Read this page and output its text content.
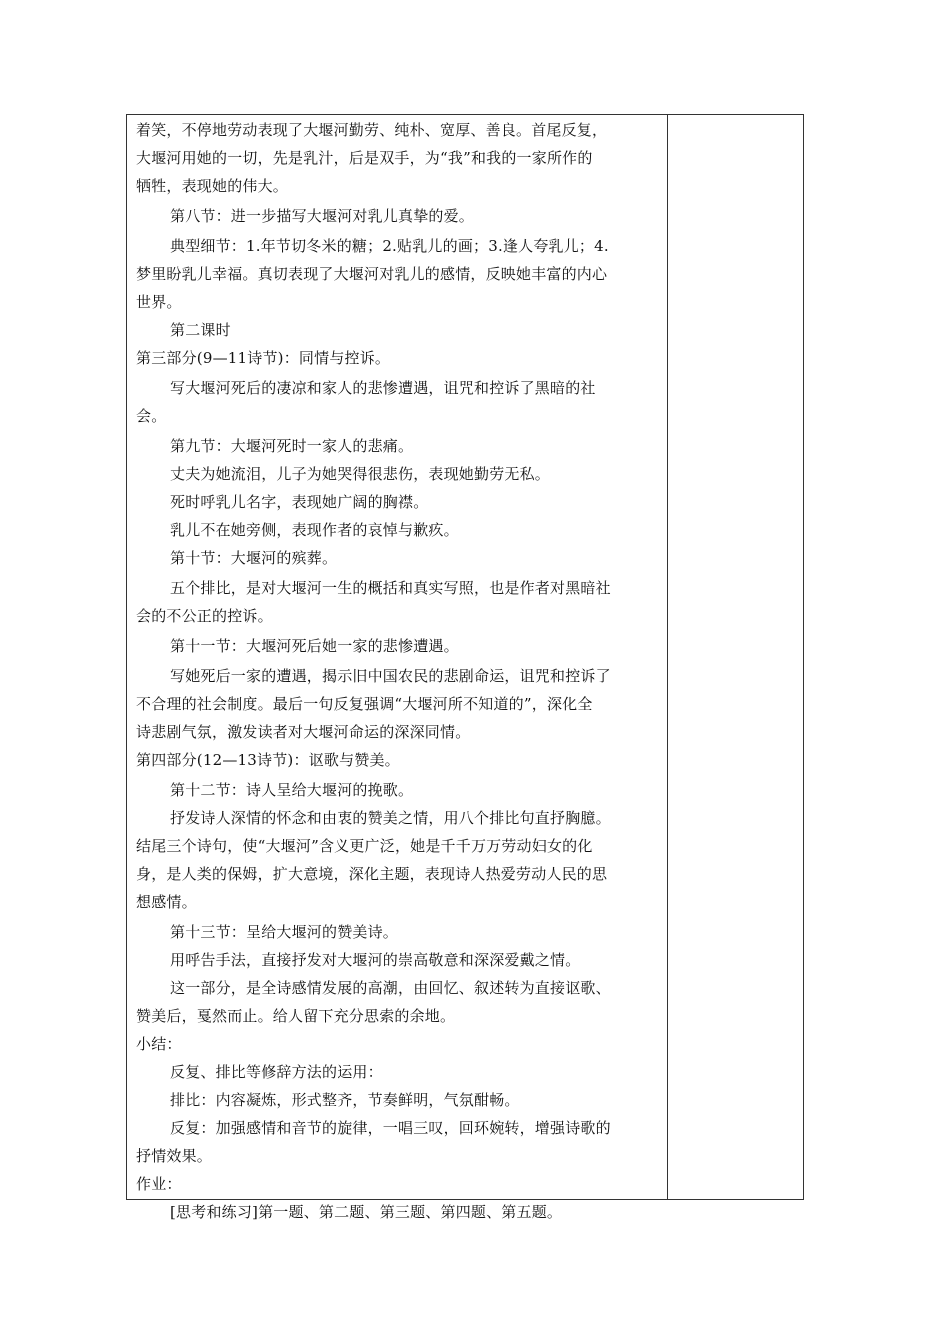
着笑，不停地劳动表现了大堰河勤劳、纯朴、宽厚、善良。首尾反复，
大堰河用她的一切，先是乳汁，后是双手，为“我”和我的一家所作的
牺牲，表现她的伟大。
第八节：进一步描写大堰河对乳儿真挚的爱。
典型细节：1.年节切冬米的糖；2.贴乳儿的画；3.逢人夸乳儿；4.
梦里盼乳儿幸福。真切表现了大堰河对乳儿的感情，反映她丰富的内心
世界。
第二课时
第三部分(9—11诗节)：同情与控诉。
写大堰河死后的凄凉和家人的悲惨遭遇，诅咒和控诉了黑暗的社
会。
第九节：大堰河死时一家人的悲痛。
丈夫为她流泪，儿子为她哭得很悲伤，表现她勤劳无私。
死时呼乳儿名字，表现她广阔的胸襟。
乳儿不在她旁侧，表现作者的哀悼与歉疚。
第十节：大堰河的殡葬。
五个排比，是对大堰河一生的概括和真实写照，也是作者对黑暗社
会的不公正的控诉。
第十一节：大堰河死后她一家的悲惨遭遇。
写她死后一家的遭遇，揭示旧中国农民的悲剧命运，诅咒和控诉了
不合理的社会制度。最后一句反复强调“大堰河所不知道的”，深化全
诗悲剧气氛，激发读者对大堰河命运的深深同情。
第四部分(12—13诗节)：讴歌与赞美。
第十二节：诗人呈给大堰河的挽歌。
抒发诗人深情的怀念和由衷的赞美之情，用八个排比句直抒胸臆。
结尾三个诗句，使“大堰河”含义更广泛，她是千千万万劳动妇女的化
身，是人类的保姆，扩大意境，深化主题，表现诗人热爱劳动人民的思
想感情。
第十三节：呈给大堰河的赞美诗。
用呼告手法，直接抒发对大堰河的崇高敬意和深深爱戴之情。
这一部分，是全诗感情发展的高潮，由回忆、叙述转为直接讴歌、
赞美后，戛然而止。给人留下充分思索的余地。
小结：
反复、排比等修辞方法的运用：
排比：内容凝炼，形式整齐，节奏鲜明，气氛酣畅。
反复：加强感情和音节的旋律，一唱三叹，回环婉转，增强诗歌的
抒情效果。
作业：
[思考和练习]第一题、第二题、第三题、第四题、第五题。
